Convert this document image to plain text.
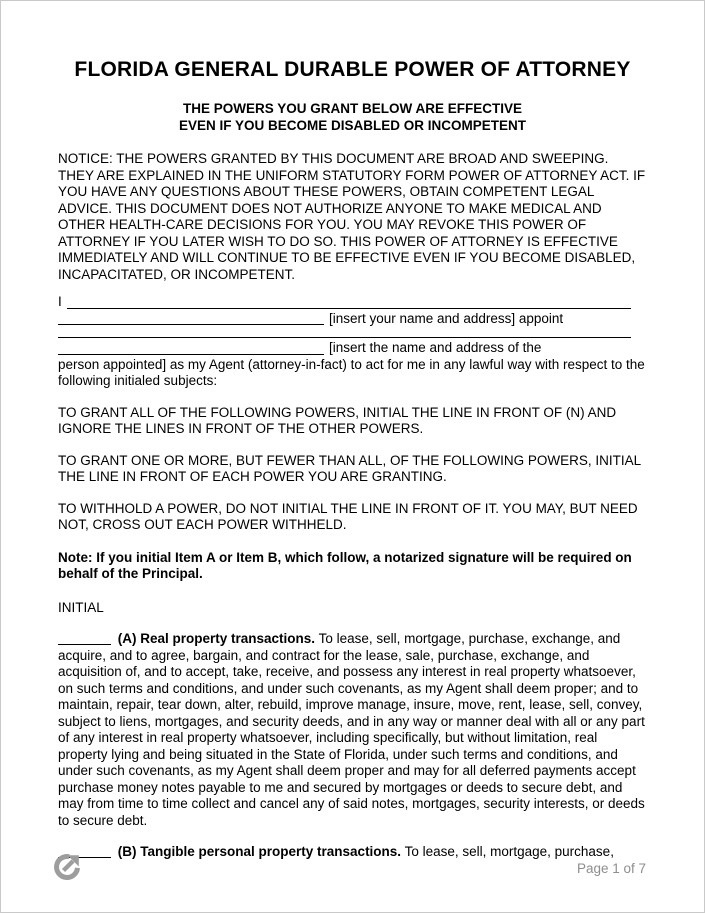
FLORIDA GENERAL DURABLE POWER OF ATTORNEY
THE POWERS YOU GRANT BELOW ARE EFFECTIVE
EVEN IF YOU BECOME DISABLED OR INCOMPETENT

NOTICE: THE POWERS GRANTED BY THIS DOCUMENT ARE BROAD AND SWEEPING. THEY ARE EXPLAINED IN THE UNIFORM STATUTORY FORM POWER OF ATTORNEY ACT. IF YOU HAVE ANY QUESTIONS ABOUT THESE POWERS, OBTAIN COMPETENT LEGAL ADVICE. THIS DOCUMENT DOES NOT AUTHORIZE ANYONE TO MAKE MEDICAL AND OTHER HEALTH-CARE DECISIONS FOR YOU. YOU MAY REVOKE THIS POWER OF ATTORNEY IF YOU LATER WISH TO DO SO. THIS POWER OF ATTORNEY IS EFFECTIVE IMMEDIATELY AND WILL CONTINUE TO BE EFFECTIVE EVEN IF YOU BECOME DISABLED, INCAPACITATED, OR INCOMPETENT.

I
[insert your name and address] appoint
[insert the name and address of the

person appointed] as my Agent (attorney-in-fact) to act for me in any lawful way with respect to the following initialed subjects:

TO GRANT ALL OF THE FOLLOWING POWERS, INITIAL THE LINE IN FRONT OF (N) AND IGNORE THE LINES IN FRONT OF THE OTHER POWERS.

TO GRANT ONE OR MORE, BUT FEWER THAN ALL, OF THE FOLLOWING POWERS, INITIAL THE LINE IN FRONT OF EACH POWER YOU ARE GRANTING.

TO WITHHOLD A POWER, DO NOT INITIAL THE LINE IN FRONT OF IT. YOU MAY, BUT NEED NOT, CROSS OUT EACH POWER WITHHELD.

Note: If you initial Item A or Item B, which follow, a notarized signature will be required on behalf of the Principal.

INITIAL

(A) Real property transactions. To lease, sell, mortgage, purchase, exchange, and acquire, and to agree, bargain, and contract for the lease, sale, purchase, exchange, and acquisition of, and to accept, take, receive, and possess any interest in real property whatsoever, on such terms and conditions, and under such covenants, as my Agent shall deem proper; and to maintain, repair, tear down, alter, rebuild, improve manage, insure, move, rent, lease, sell, convey, subject to liens, mortgages, and security deeds, and in any way or manner deal with all or any part of any interest in real property whatsoever, including specifically, but without limitation, real property lying and being situated in the State of Florida, under such terms and conditions, and under such covenants, as my Agent shall deem proper and may for all deferred payments accept purchase money notes payable to me and secured by mortgages or deeds to secure debt, and may from time to time collect and cancel any of said notes, mortgages, security interests, or deeds to secure debt.

(B) Tangible personal property transactions. To lease, sell, mortgage, purchase,

Page 1 of 7
